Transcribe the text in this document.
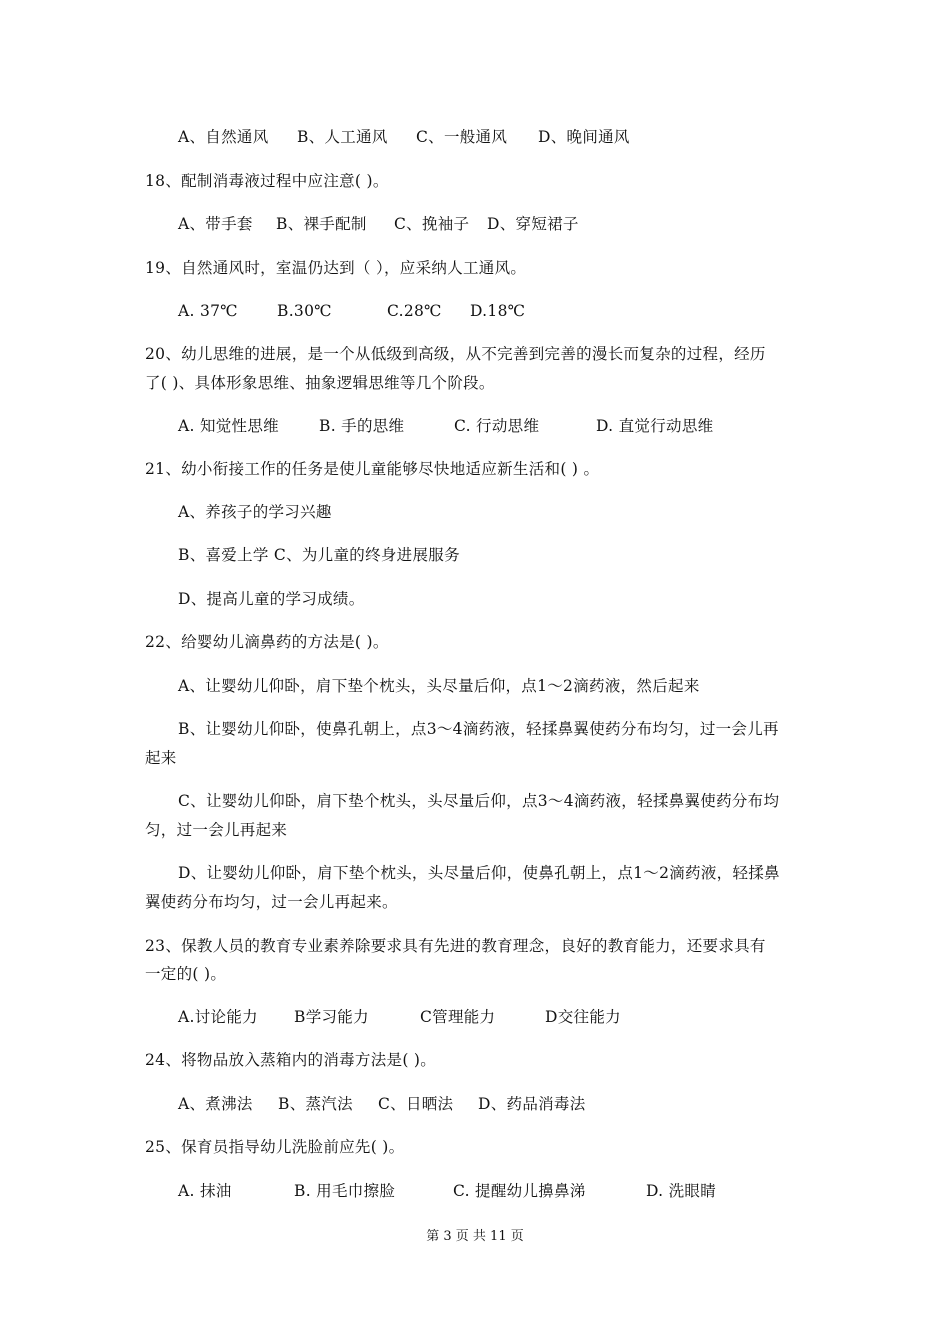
A、自然通风 B、人工通风 C、一般通风 D、晚间通风
18、配制消毒液过程中应注意( )。
A、带手套 B、裸手配制 C、挽袖子 D、穿短裙子
19、自然通风时，室温仍达到（ ），应采纳人工通风。
A. 37℃	B.30℃	C.28℃ D.18℃
20、幼儿思维的进展，是一个从低级到高级，从不完善到完善的漫长而复杂的过程，经历
了( )、具体形象思维、抽象逻辑思维等几个阶段。
A. 知觉性思维	B. 手的思维	C. 行动思维	D. 直觉行动思维
21、幼小衔接工作的任务是使儿童能够尽快地适应新生活和( ) 。
A、养孩子的学习兴趣
B、喜爱上学 C、为儿童的终身进展服务
D、提高儿童的学习成绩。
22、给婴幼儿滴鼻药的方法是( )。
A、让婴幼儿仰卧，肩下垫个枕头，头尽量后仰，点1～2滴药液，然后起来
B、让婴幼儿仰卧，使鼻孔朝上，点3～4滴药液，轻揉鼻翼使药分布均匀，过一会儿再
起来
C、让婴幼儿仰卧，肩下垫个枕头，头尽量后仰，点3～4滴药液，轻揉鼻翼使药分布均
匀，过一会儿再起来
D、让婴幼儿仰卧，肩下垫个枕头，头尽量后仰，使鼻孔朝上，点1～2滴药液，轻揉鼻
翼使药分布均匀，过一会儿再起来。
23、保教人员的教育专业素养除要求具有先进的教育理念，良好的教育能力，还要求具有
一定的( )。
A.讨论能力 B学习能力	C管理能力	D交往能力
24、将物品放入蒸箱内的消毒方法是( )。
A、煮沸法 B、蒸汽法 C、日晒法 D、药品消毒法
25、保育员指导幼儿洗脸前应先( )。
A. 抹油	B. 用毛巾擦脸	C. 提醒幼儿擤鼻涕	D. 洗眼睛
第 3 页 共 11 页
